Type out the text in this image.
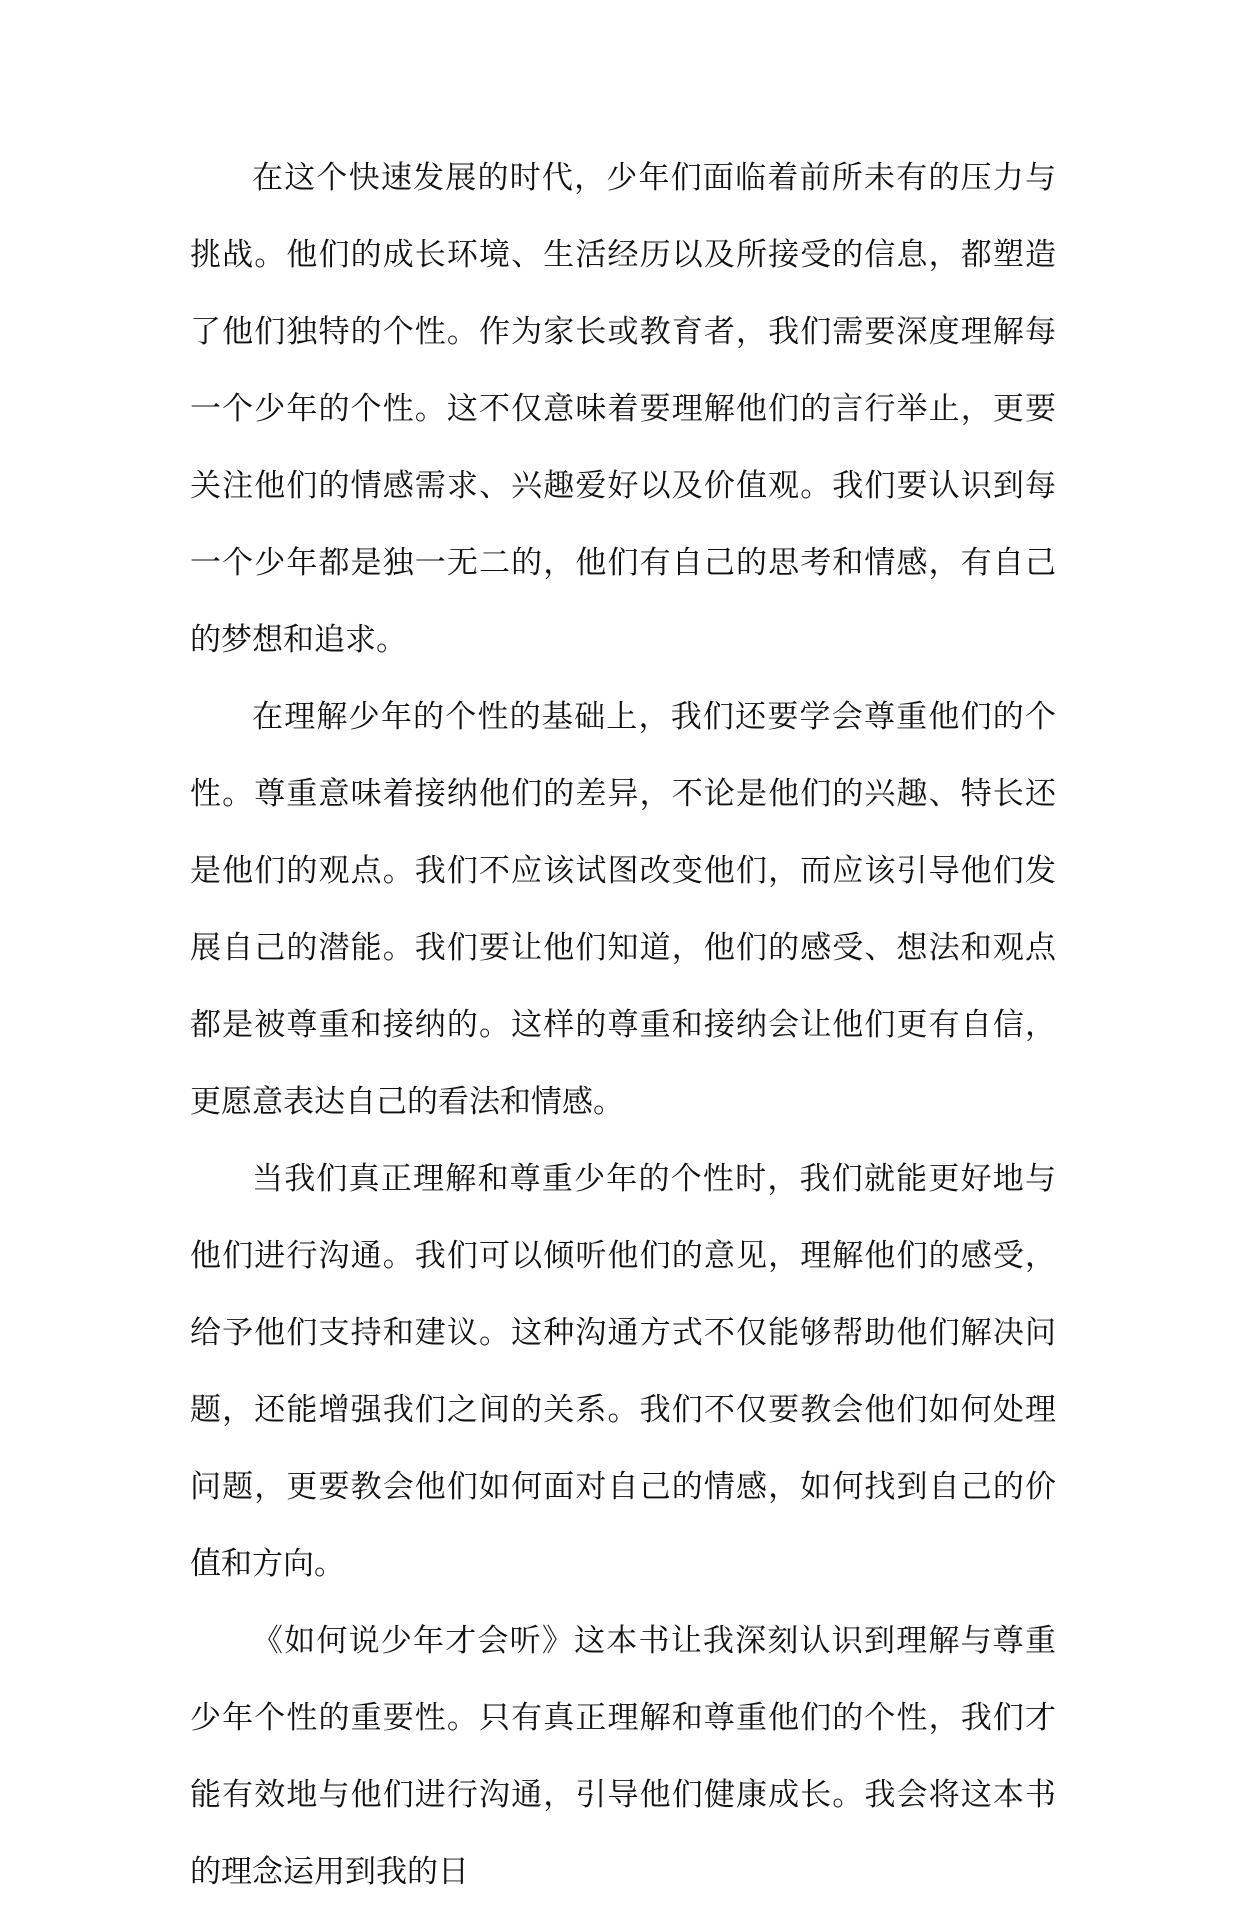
在这个快速发展的时代，少年们面临着前所未有的压力与挑战。他们的成长环境、生活经历以及所接受的信息，都塑造了他们独特的个性。作为家长或教育者，我们需要深度理解每一个少年的个性。这不仅意味着要理解他们的言行举止，更要关注他们的情感需求、兴趣爱好以及价值观。我们要认识到每一个少年都是独一无二的，他们有自己的思考和情感，有自己的梦想和追求。

在理解少年的个性的基础上，我们还要学会尊重他们的个性。尊重意味着接纳他们的差异，不论是他们的兴趣、特长还是他们的观点。我们不应该试图改变他们，而应该引导他们发展自己的潜能。我们要让他们知道，他们的感受、想法和观点都是被尊重和接纳的。这样的尊重和接纳会让他们更有自信，更愿意表达自己的看法和情感。

当我们真正理解和尊重少年的个性时，我们就能更好地与他们进行沟通。我们可以倾听他们的意见，理解他们的感受，给予他们支持和建议。这种沟通方式不仅能够帮助他们解决问题，还能增强我们之间的关系。我们不仅要教会他们如何处理问题，更要教会他们如何面对自己的情感，如何找到自己的价值和方向。

《如何说少年才会听》这本书让我深刻认识到理解与尊重少年个性的重要性。只有真正理解和尊重他们的个性，我们才能有效地与他们进行沟通，引导他们健康成长。我会将这本书的理念运用到我的日
